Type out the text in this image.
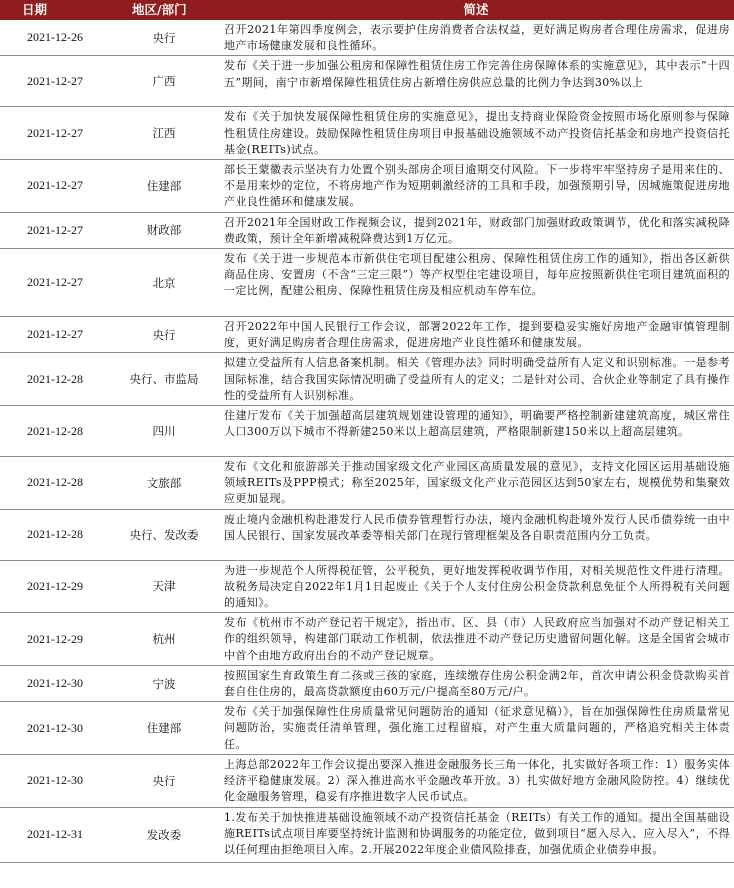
日期	地区/部门	简述
2021-12-26	央行	召开2021年第四季度例会，表示要护住房消费者合法权益，更好满足购房者合理住房需求，促进房地产市场健康发展和良性循环。
2021-12-27	广西	发布《关于进一步加强公租房和保障性租赁住房工作完善住房保障体系的实施意见》，其中表示“十四五”期间，南宁市新增保障性租赁住房占新增住房供应总量的比例力争达到30%以上
2021-12-27	江西	发布《关于加快发展保障性租赁住房的实施意见》，提出支持商业保险资金按照市场化原则参与保障性租赁住房建设。鼓励保障性租赁住房项目申报基础设施领域不动产投资信托基金和房地产投资信托基金(REITs)试点。
2021-12-27	住建部	部长王蒙徽表示坚决有力处置个别头部房企项目逾期交付风险。下一步将牢牢坚持房子是用来住的、不是用来炒的定位，不将房地产作为短期刺激经济的工具和手段，加强预期引导，因城施策促进房地产业良性循环和健康发展。
2021-12-27	财政部	召开2021年全国财政工作视频会议，提到2021年，财政部门加强财政政策调节，优化和落实减税降费政策，预计全年新增减税降费达到1万亿元。
2021-12-27	北京	发布《关于进一步规范本市新供住宅项目配建公租房、保障性租赁住房工作的通知》，指出各区新供商品住房、安置房（不含“三定三限”）等产权型住宅建设项目，每年应按照新供住宅项目建筑面积的一定比例，配建公租房、保障性租赁住房及相应机动车停车位。
2021-12-27	央行	召开2022年中国人民银行工作会议，部署2022年工作，提到要稳妥实施好房地产金融审慎管理制度，更好满足购房者合理住房需求，促进房地产业良性循环和健康发展。
2021-12-28	央行、市监局	拟建立受益所有人信息备案机制。相关《管理办法》同时明确受益所有人定义和识别标准。一是参考国际标准，结合我国实际情况明确了受益所有人的定义；二是针对公司、合伙企业等制定了具有操作性的受益所有人识别标准。
2021-12-28	四川	住建厅发布《关于加强超高层建筑规划建设管理的通知》，明确要严格控制新建建筑高度，城区常住人口300万以下城市不得新建250米以上超高层建筑，严格限制新建150米以上超高层建筑。
2021-12-28	文旅部	发布《文化和旅游部关于推动国家级文化产业园区高质量发展的意见》，支持文化园区运用基础设施领域REITs及PPP模式；称至2025年，国家级文化产业示范园区达到50家左右，规模优势和集聚效应更加显现。
2021-12-28	央行、发改委	废止境内金融机构赴港发行人民币债券管理暂行办法，境内金融机构赴境外发行人民币债券统一由中国人民银行、国家发展改革委等相关部门在现行管理框架及各自职责范围内分工负责。
2021-12-29	天津	为进一步规范个人所得税征管，公平税负，更好地发挥税收调节作用，对相关规范性文件进行清理。故税务局决定自2022年1月1日起废止《关于个人支付住房公积金贷款利息免征个人所得税有关问题的通知》。
2021-12-29	杭州	发布《杭州市不动产登记若干规定》，指出市、区、县（市）人民政府应当加强对不动产登记相关工作的组织领导，构建部门联动工作机制，依法推进不动产登记历史遗留问题化解。这是全国省会城市中首个由地方政府出台的不动产登记规章。
2021-12-30	宁波	按照国家生育政策生育二孩或三孩的家庭，连续缴存住房公积金满2年，首次申请公积金贷款购买首套自住住房的，最高贷款额度由60万元/户提高至80万元/户。
2021-12-30	住建部	发布《关于加强保障性住房质量常见问题防治的通知（征求意见稿）》，旨在加强保障性住房质量常见问题防治，实施责任清单管理，强化施工过程留痕，对产生重大质量问题的，严格追究相关主体责任。
2021-12-30	央行	上海总部2022年工作会议提出要深入推进金融服务长三角一体化，扎实做好各项工作：1）服务实体经济平稳健康发展。2）深入推进高水平金融改革开放。3）扎实做好地方金融风险防控。4）继续优化金融服务管理，稳妥有序推进数字人民币试点。
2021-12-31	发改委	1.发布关于加快推进基础设施领域不动产投资信托基金（REITs）有关工作的通知。提出全国基础设施REITs试点项目库要坚持统计监测和协调服务的功能定位，做到项目“愿入尽入、应入尽入”，不得以任何理由拒绝项目入库。2.开展2022年度企业债风险排查，加强优质企业债券申报。
